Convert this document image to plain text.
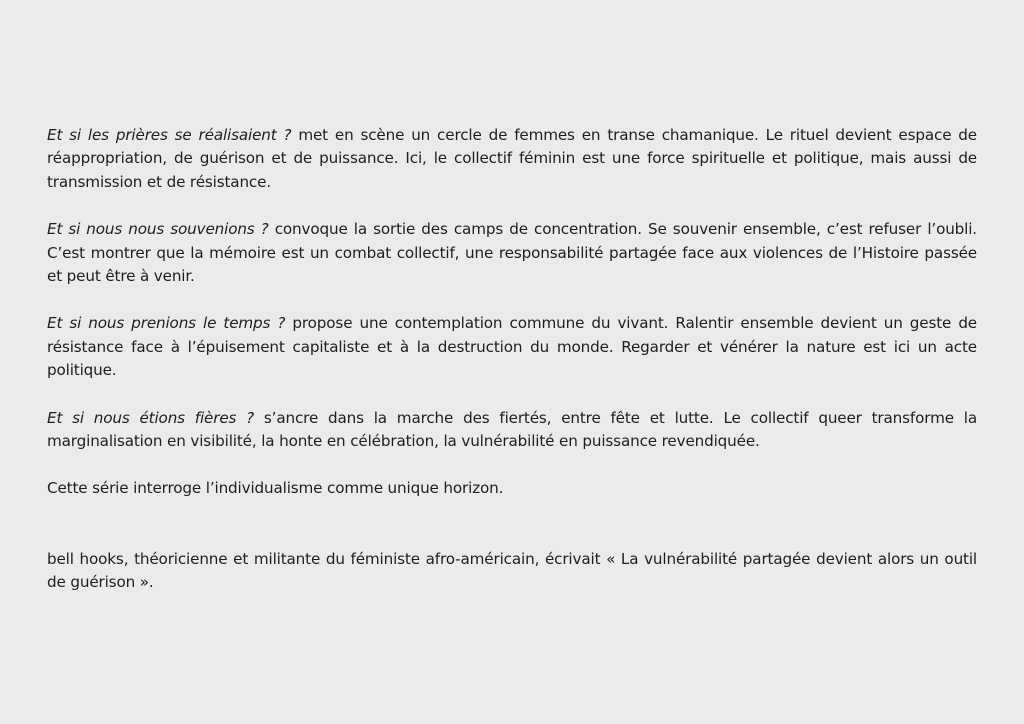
Et si les prières se réalisaient ? met en scène un cercle de femmes en transe chamanique. Le rituel devient espace de réappropriation, de guérison et de puissance. Ici, le collectif féminin est une force spirituelle et politique, mais aussi de transmission et de résistance.

Et si nous nous souvenions ? convoque la sortie des camps de concentration. Se souvenir ensemble, c’est refuser l’oubli. C’est montrer que la mémoire est un combat collectif, une responsabilité partagée face aux violences de l’Histoire passée et peut être à venir.

Et si nous prenions le temps ? propose une contemplation commune du vivant. Ralentir ensemble devient un geste de résistance face à l’épuisement capitaliste et à la destruction du monde. Regarder et vénérer la nature est ici un acte politique.

Et si nous étions fières ? s’ancre dans la marche des fiertés, entre fête et lutte. Le collectif queer transforme la marginalisation en visibilité, la honte en célébration, la vulnérabilité en puissance revendiquée.

Cette série interroge l’individualisme comme unique horizon.

bell hooks, théoricienne et militante du féministe afro-américain, écrivait « La vulnérabilité partagée devient alors un outil de guérison ».
